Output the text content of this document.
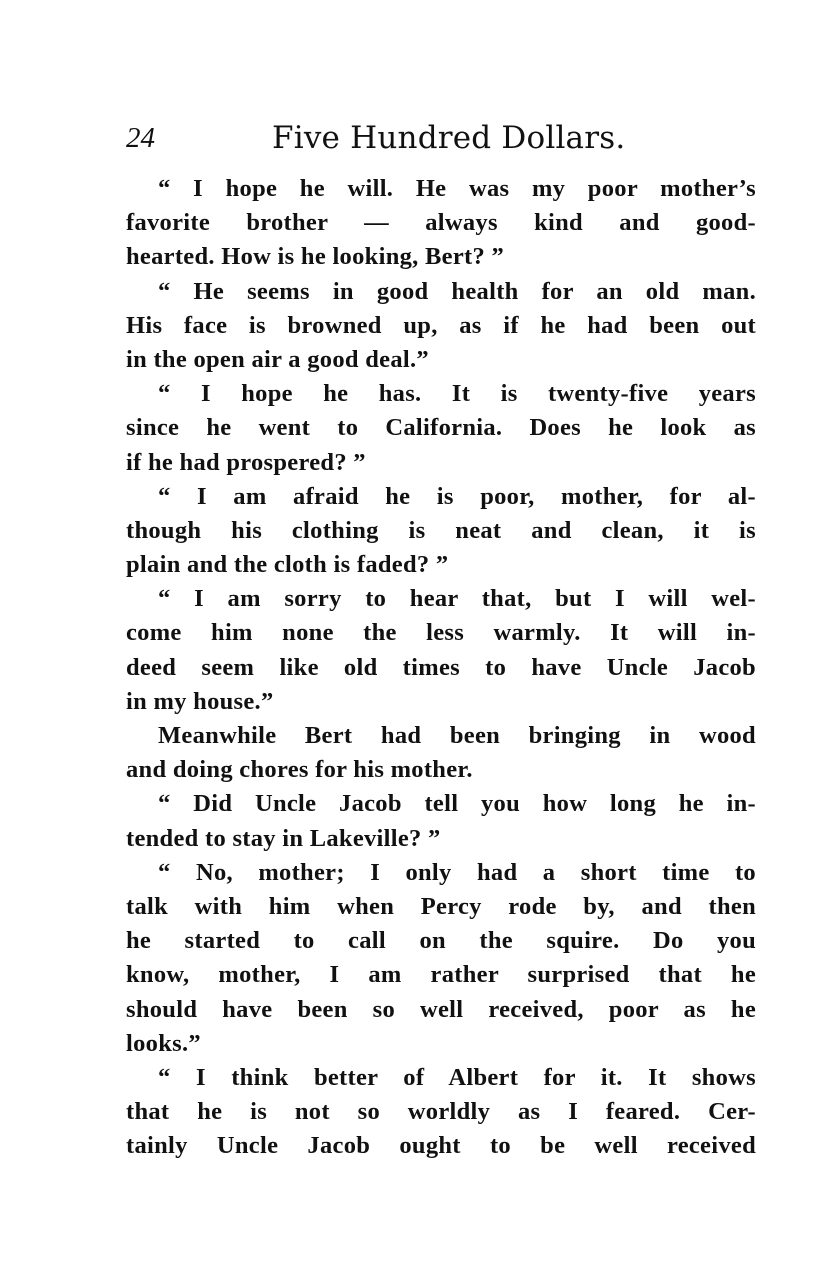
24	Five Hundred Dollars.
“ I hope he will. He was my poor mother’s
favorite brother — always kind and good-
hearted. How is he looking, Bert? ”
“ He seems in good health for an old man.
His face is browned up, as if he had been out
in the open air a good deal.”
“ I hope he has. It is twenty-five years
since he went to California. Does he look as
if he had prospered? ”
“ I am afraid he is poor, mother, for al-
though his clothing is neat and clean, it is
plain and the cloth is faded? ”
“ I am sorry to hear that, but I will wel-
come him none the less warmly. It will in-
deed seem like old times to have Uncle Jacob
in my house.”
Meanwhile Bert had been bringing in wood
and doing chores for his mother.
“ Did Uncle Jacob tell you how long he in-
tended to stay in Lakeville? ”
“ No, mother; I only had a short time to
talk with him when Percy rode by, and then
he started to call on the squire. Do you
know, mother, I am rather surprised that he
should have been so well received, poor as he
looks.”
“ I think better of Albert for it. It shows
that he is not so worldly as I feared. Cer-
tainly Uncle Jacob ought to be well received
